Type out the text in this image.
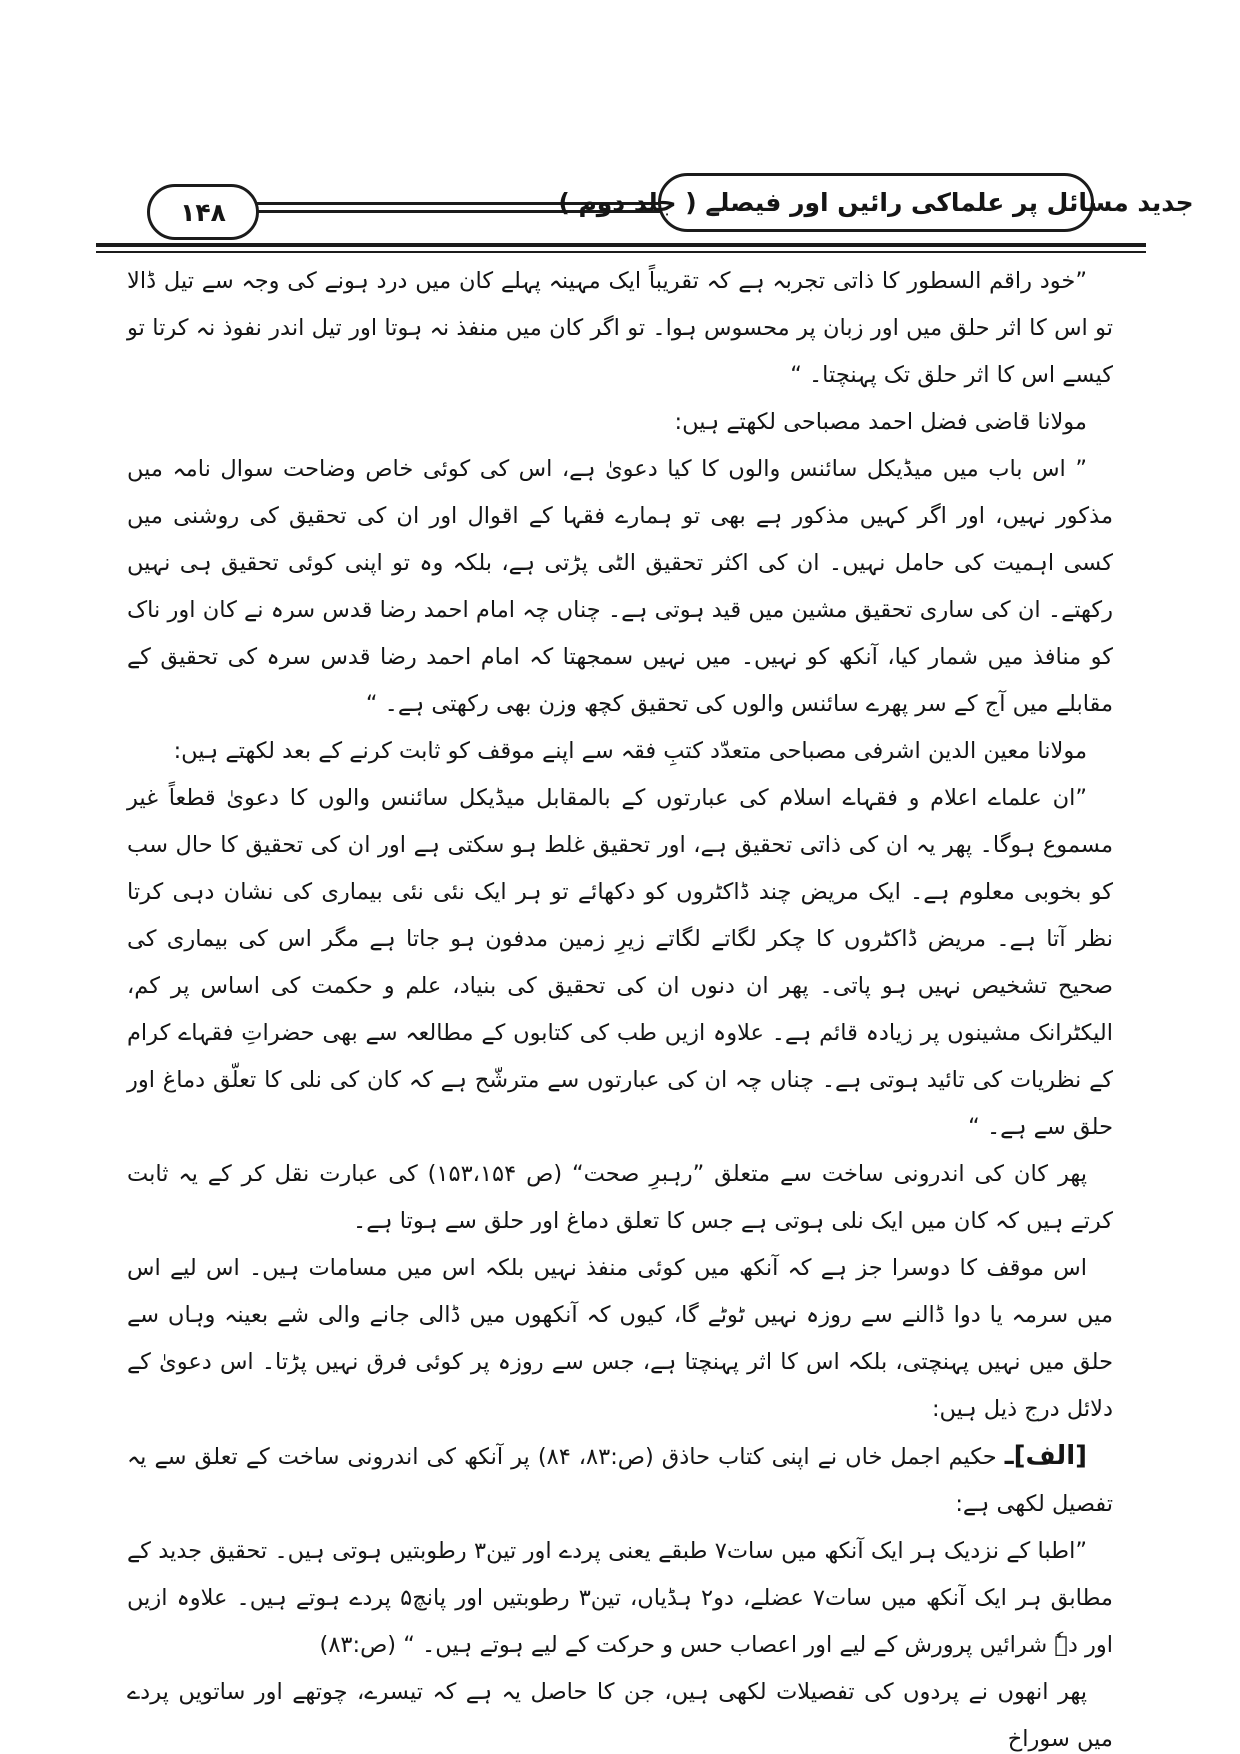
۱۴۸	جدید مسائل پر علماکی رائیں اور فیصلے ( جلد دوم )

”خود راقم السطور کا ذاتی تجربہ ہے کہ تقریباً ایک مہینہ پہلے کان میں درد ہونے کی وجہ سے تیل ڈالا تو اس کا اثر حلق میں اور زبان پر محسوس ہوا۔ تو اگر کان میں منفذ نہ ہوتا اور تیل اندر نفوذ نہ کرتا تو کیسے اس کا اثر حلق تک پہنچتا۔ “

مولانا قاضی فضل احمد مصباحی لکھتے ہیں:

” اس باب میں میڈیکل سائنس والوں کا کیا دعویٰ ہے، اس کی کوئی خاص وضاحت سوال نامہ میں مذکور نہیں، اور اگر کہیں مذکور ہے بھی تو ہمارے فقہا کے اقوال اور ان کی تحقیق کی روشنی میں کسی اہمیت کی حامل نہیں۔ ان کی اکثر تحقیق الٹی پڑتی ہے، بلکہ وہ تو اپنی کوئی تحقیق ہی نہیں رکھتے۔ ان کی ساری تحقیق مشین میں قید ہوتی ہے۔ چناں چہ امام احمد رضا قدس سرہ نے کان اور ناک کو منافذ میں شمار کیا، آنکھ کو نہیں۔ میں نہیں سمجھتا کہ امام احمد رضا قدس سرہ کی تحقیق کے مقابلے میں آج کے سر پھرے سائنس والوں کی تحقیق کچھ وزن بھی رکھتی ہے۔ “

مولانا معین الدین اشرفی مصباحی متعدّد کتبِ فقہ سے اپنے موقف کو ثابت کرنے کے بعد لکھتے ہیں:

”ان علماے اعلام و فقہاے اسلام کی عبارتوں کے بالمقابل میڈیکل سائنس والوں کا دعویٰ قطعاً غیر مسموع ہوگا۔ پھر یہ ان کی ذاتی تحقیق ہے، اور تحقیق غلط ہو سکتی ہے اور ان کی تحقیق کا حال سب کو بخوبی معلوم ہے۔ ایک مریض چند ڈاکٹروں کو دکھائے تو ہر ایک نئی نئی بیماری کی نشان دہی کرتا نظر آتا ہے۔ مریض ڈاکٹروں کا چکر لگاتے لگاتے زیرِ زمین مدفون ہو جاتا ہے مگر اس کی بیماری کی صحیح تشخیص نہیں ہو پاتی۔ پھر ان دنوں ان کی تحقیق کی بنیاد، علم و حکمت کی اساس پر کم، الیکٹرانک مشینوں پر زیادہ قائم ہے۔ علاوہ ازیں طب کی کتابوں کے مطالعہ سے بھی حضراتِ فقہاے کرام کے نظریات کی تائید ہوتی ہے۔ چناں چہ ان کی عبارتوں سے مترشّح ہے کہ کان کی نلی کا تعلّق دماغ اور حلق سے ہے۔ “

پھر کان کی اندرونی ساخت سے متعلق ”رہبرِ صحت“ (ص ۱۵۳،۱۵۴) کی عبارت نقل کر کے یہ ثابت کرتے ہیں کہ کان میں ایک نلی ہوتی ہے جس کا تعلق دماغ اور حلق سے ہوتا ہے۔

اس موقف کا دوسرا جز ہے کہ آنکھ میں کوئی منفذ نہیں بلکہ اس میں مسامات ہیں۔ اس لیے اس میں سرمہ یا دوا ڈالنے سے روزہ نہیں ٹوٹے گا، کیوں کہ آنکھوں میں ڈالی جانے والی شے بعینہ وہاں سے حلق میں نہیں پہنچتی، بلکہ اس کا اثر پہنچتا ہے، جس سے روزہ پر کوئی فرق نہیں پڑتا۔ اس دعویٰ کے دلائل درج ذیل ہیں:

[الف]ـ حکیم اجمل خاں نے اپنی کتاب حاذق (ص:۸۳، ۸۴) پر آنکھ کی اندرونی ساخت کے تعلق سے یہ تفصیل لکھی ہے:

”اطبا کے نزدیک ہر ایک آنکھ میں سات۷ طبقے یعنی پردے اور تین۳ رطوبتیں ہوتی ہیں۔ تحقیق جدید کے مطابق ہر ایک آنکھ میں سات۷ عضلے، دو۲ ہڈیاں، تین۳ رطوبتیں اور پانچ۵ پردے ہوتے ہیں۔ علاوہ ازیں اور دہٗ شرائیں پرورش کے لیے اور اعصاب حس و حرکت کے لیے ہوتے ہیں۔ “ (ص:۸۳)

پھر انھوں نے پردوں کی تفصیلات لکھی ہیں، جن کا حاصل یہ ہے کہ تیسرے، چوتھے اور ساتویں پردے میں سوراخ
